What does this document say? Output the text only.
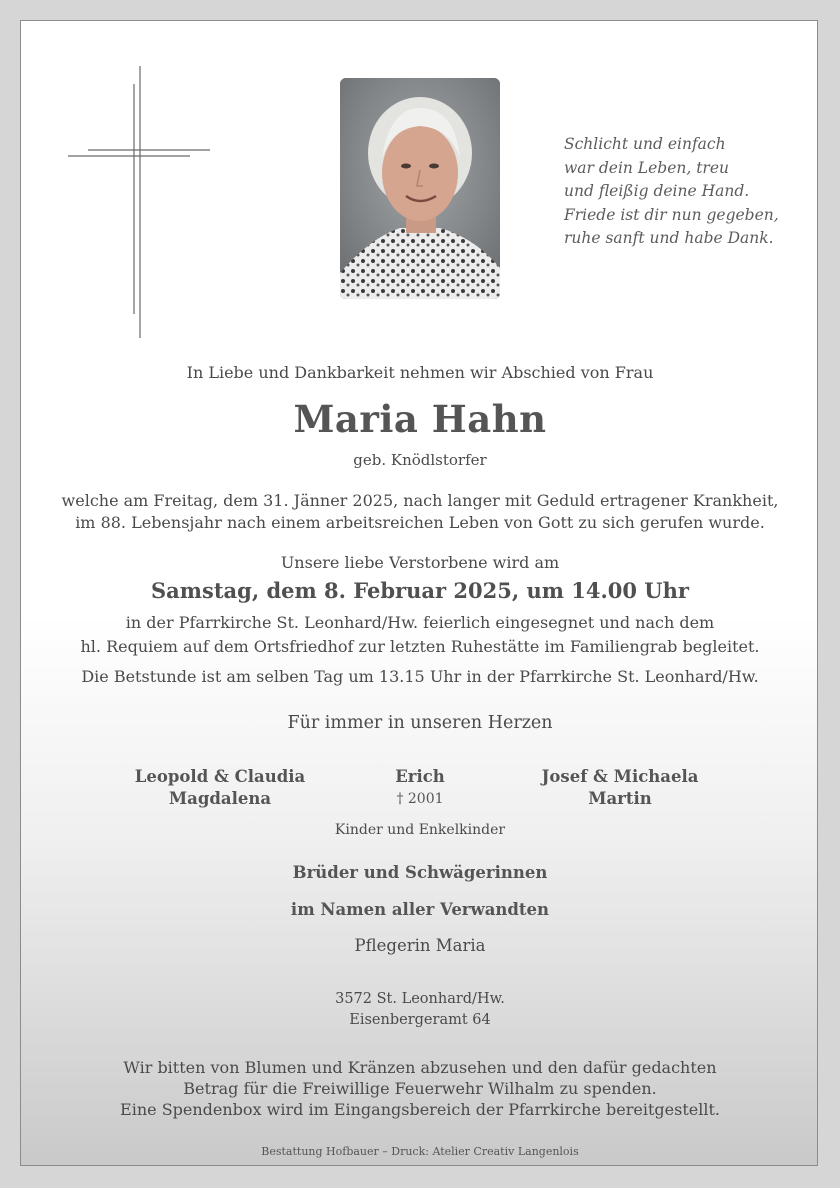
Schlicht und einfach
war dein Leben, treu
und fleißig deine Hand.
Friede ist dir nun gegeben,
ruhe sanft und habe Dank.
In Liebe und Dankbarkeit nehmen wir Abschied von Frau
Maria Hahn
geb. Knödlstorfer
welche am Freitag, dem 31. Jänner 2025, nach langer mit Geduld ertragener Krankheit,
im 88. Lebensjahr nach einem arbeitsreichen Leben von Gott zu sich gerufen wurde.
Unsere liebe Verstorbene wird am
Samstag, dem 8. Februar 2025, um 14.00 Uhr
in der Pfarrkirche St. Leonhard/Hw. feierlich eingesegnet und nach dem
hl. Requiem auf dem Ortsfriedhof zur letzten Ruhestätte im Familiengrab begleitet.
Die Betstunde ist am selben Tag um 13.15 Uhr in der Pfarrkirche St. Leonhard/Hw.
Für immer in unseren Herzen
Leopold & Claudia
Magdalena
Erich
† 2001
Josef & Michaela
Martin
Kinder und Enkelkinder
Brüder und Schwägerinnen
im Namen aller Verwandten
Pflegerin Maria
3572 St. Leonhard/Hw.
Eisenbergeramt 64
Wir bitten von Blumen und Kränzen abzusehen und den dafür gedachten
Betrag für die Freiwillige Feuerwehr Wilhalm zu spenden.
Eine Spendenbox wird im Eingangsbereich der Pfarrkirche bereitgestellt.
Bestattung Hofbauer – Druck: Atelier Creativ Langenlois
